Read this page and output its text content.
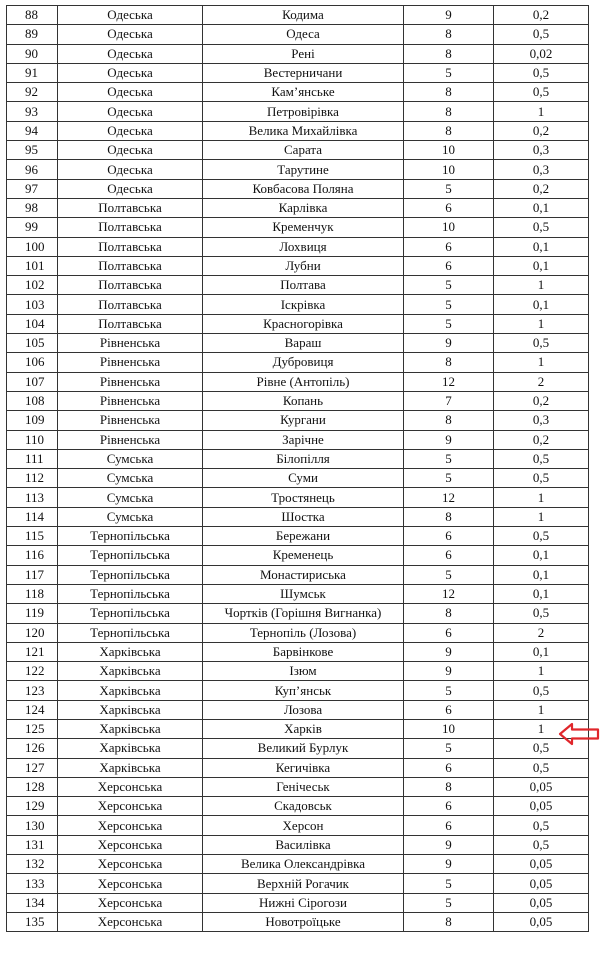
88	Одеська	Кодима	9	0,2
89	Одеська	Одеса	8	0,5
90	Одеська	Рені	8	0,02
91	Одеська	Вестерничани	5	0,5
92	Одеська	Кам’янське	8	0,5
93	Одеська	Петровірівка	8	1
94	Одеська	Велика Михайлівка	8	0,2
95	Одеська	Сарата	10	0,3
96	Одеська	Тарутине	10	0,3
97	Одеська	Ковбасова Поляна	5	0,2
98	Полтавська	Карлівка	6	0,1
99	Полтавська	Кременчук	10	0,5
100	Полтавська	Лохвиця	6	0,1
101	Полтавська	Лубни	6	0,1
102	Полтавська	Полтава	5	1
103	Полтавська	Іскрівка	5	0,1
104	Полтавська	Красногорівка	5	1
105	Рівненська	Вараш	9	0,5
106	Рівненська	Дубровиця	8	1
107	Рівненська	Рівне (Антопіль)	12	2
108	Рівненська	Копань	7	0,2
109	Рівненська	Кургани	8	0,3
110	Рівненська	Зарічне	9	0,2
111	Сумська	Білопілля	5	0,5
112	Сумська	Суми	5	0,5
113	Сумська	Тростянець	12	1
114	Сумська	Шостка	8	1
115	Тернопільська	Бережани	6	0,5
116	Тернопільська	Кременець	6	0,1
117	Тернопільська	Монастириська	5	0,1
118	Тернопільська	Шумськ	12	0,1
119	Тернопільська	Чортків (Горішня Вигнанка)	8	0,5
120	Тернопільська	Тернопіль (Лозова)	6	2
121	Харківська	Барвінкове	9	0,1
122	Харківська	Ізюм	9	1
123	Харківська	Куп’янськ	5	0,5
124	Харківська	Лозова	6	1
125	Харківська	Харків	10	1
126	Харківська	Великий Бурлук	5	0,5
127	Харківська	Кегичівка	6	0,5
128	Херсонська	Генічеськ	8	0,05
129	Херсонська	Скадовськ	6	0,05
130	Херсонська	Херсон	6	0,5
131	Херсонська	Василівка	9	0,5
132	Херсонська	Велика Олександрівка	9	0,05
133	Херсонська	Верхній Рогачик	5	0,05
134	Херсонська	Нижні Сірогози	5	0,05
135	Херсонська	Новотроїцьке	8	0,05
